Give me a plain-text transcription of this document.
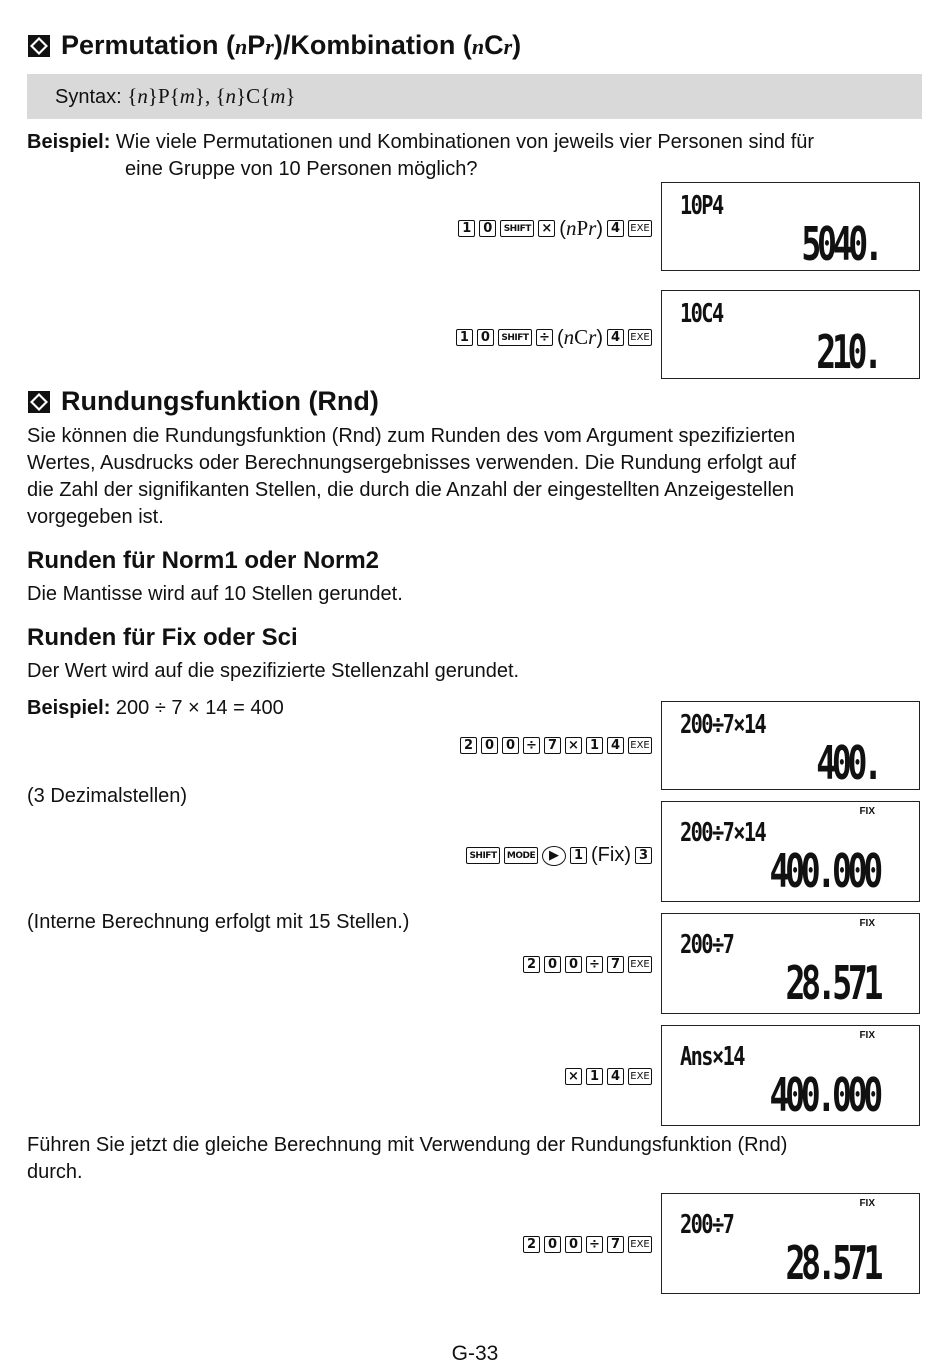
Permutation (nPr)/Kombination (nCr)
Syntax: {n}P{m}, {n}C{m}
Beispiel: Wie viele Permutationen und Kombinationen von jeweils vier Personen sind für
eine Gruppe von 10 Personen möglich?
1 0	SHIFT × (nPr) 4	EXE
10P4
5040.
1 0	SHIFT ÷ (nCr) 4	EXE
10C4
210.
Rundungsfunktion (Rnd)
Sie können die Rundungsfunktion (Rnd) zum Runden des vom Argument spezifizierten
Wertes, Ausdrucks oder Berechnungsergebnisses verwenden. Die Rundung erfolgt auf
die Zahl der signifikanten Stellen, die durch die Anzahl der eingestellten Anzeigestellen
vorgegeben ist.
Runden für Norm1 oder Norm2
Die Mantisse wird auf 10 Stellen gerundet.
Runden für Fix oder Sci
Der Wert wird auf die spezifizierte Stellenzahl gerundet.
Beispiel: 200 ÷ 7 × 14 = 400
2 0 0 ÷ 7 × 1 4	EXE
200÷7×14
400.
(3 Dezimalstellen)
SHIFT	MODE	▶	1 (Fix) 3
FIX
200÷7×14
400.000
(Interne Berechnung erfolgt mit 15 Stellen.)
2 0 0 ÷ 7	EXE
FIX
200÷7
28.571
× 1 4	EXE
FIX
Ans×14
400.000
Führen Sie jetzt die gleiche Berechnung mit Verwendung der Rundungsfunktion (Rnd)
durch.
2 0 0 ÷ 7	EXE
FIX
200÷7
28.571
G-33
